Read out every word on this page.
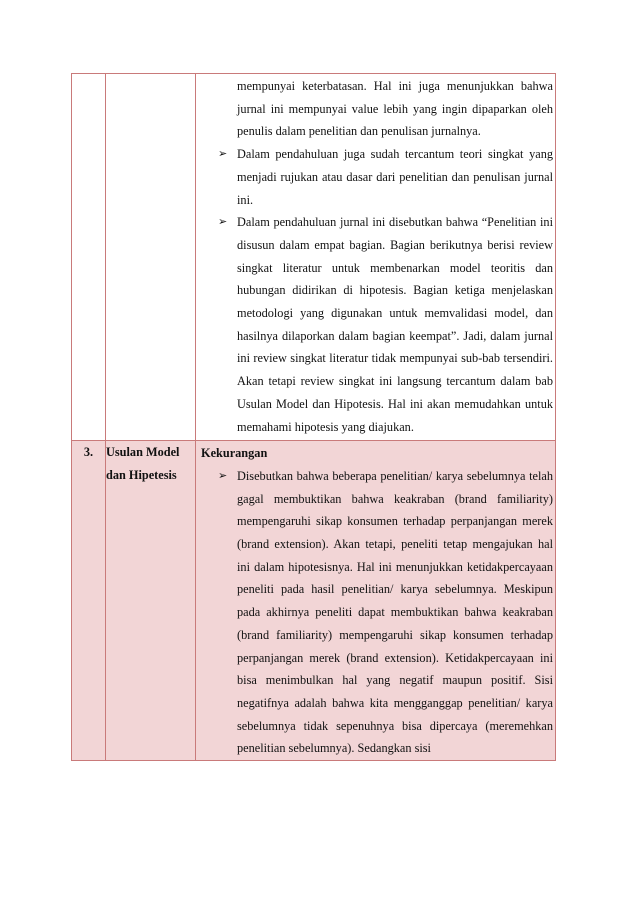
		mempunyai keterbatasan. Hal ini juga menunjukkan bahwa jurnal ini mempunyai value lebih yang ingin dipaparkan oleh penulis dalam penelitian dan penulisan jurnalnya.
➢ Dalam pendahuluan juga sudah tercantum teori singkat yang menjadi rujukan atau dasar dari penelitian dan penulisan jurnal ini.
➢ Dalam pendahuluan jurnal ini disebutkan bahwa “Penelitian ini disusun dalam empat bagian. Bagian berikutnya berisi review singkat literatur untuk membenarkan model teoritis dan hubungan didirikan di hipotesis. Bagian ketiga menjelaskan metodologi yang digunakan untuk memvalidasi model, dan hasilnya dilaporkan dalam bagian keempat”. Jadi, dalam jurnal ini review singkat literatur tidak mempunyai sub-bab tersendiri. Akan tetapi review singkat ini langsung tercantum dalam bab Usulan Model dan Hipotesis. Hal ini akan memudahkan untuk memahami hipotesis yang diajukan.

3.	Usulan Model dan Hipetesis	Kekurangan
➢ Disebutkan bahwa beberapa penelitian/ karya sebelumnya telah gagal membuktikan bahwa keakraban (brand familiarity) mempengaruhi sikap konsumen terhadap perpanjangan merek (brand extension). Akan tetapi, peneliti tetap mengajukan hal ini dalam hipotesisnya. Hal ini menunjukkan ketidakpercayaan peneliti pada hasil penelitian/ karya sebelumnya. Meskipun pada akhirnya peneliti dapat membuktikan bahwa keakraban (brand familiarity) mempengaruhi sikap konsumen terhadap perpanjangan merek (brand extension). Ketidakpercayaan ini bisa menimbulkan hal yang negatif maupun positif. Sisi negatifnya adalah bahwa kita mengganggap penelitian/ karya sebelumnya tidak sepenuhnya bisa dipercaya (meremehkan penelitian sebelumnya). Sedangkan sisi
